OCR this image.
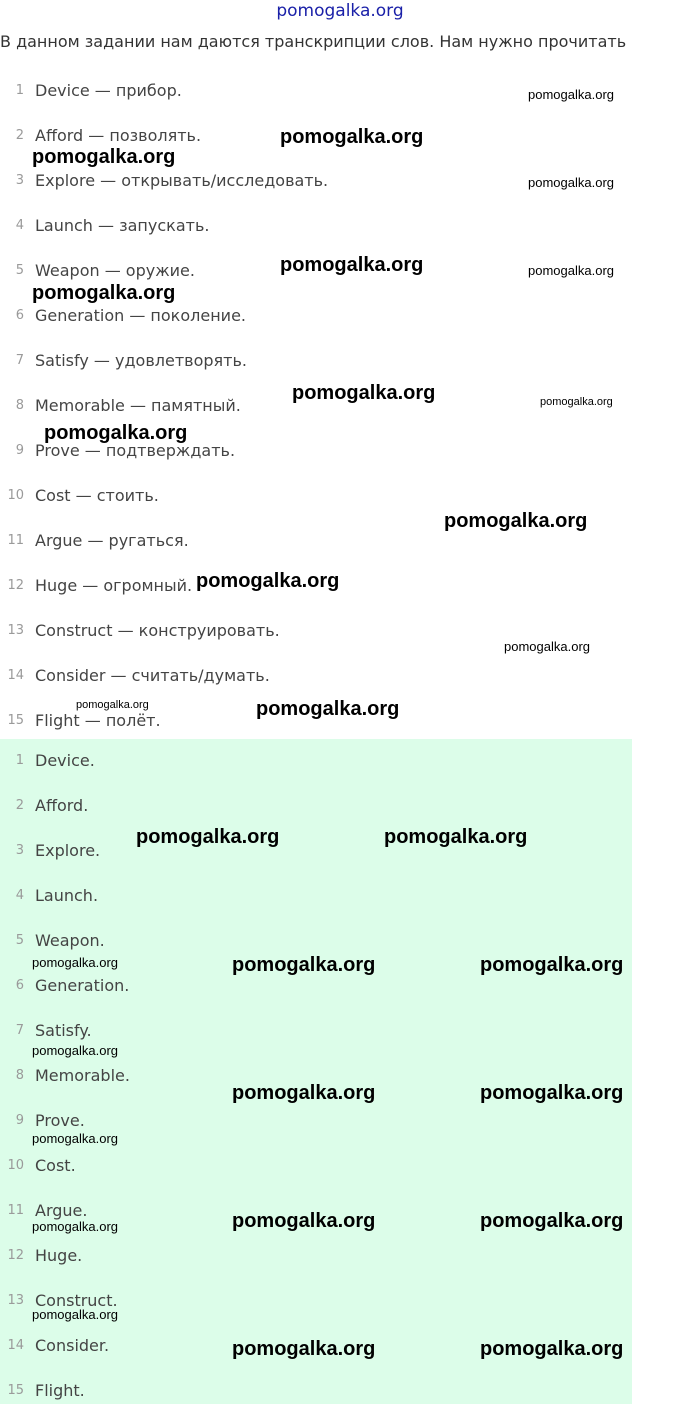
pomogalka.org
В данном задании нам даются транскрипции слов. Нам нужно прочитать
1 Device — прибор.
2 Afford — позволять.
3 Explore — открывать/исследовать.
4 Launch — запускать.
5 Weapon — оружие.
6 Generation — поколение.
7 Satisfy — удовлетворять.
8 Memorable — памятный.
9 Prove — подтверждать.
10 Cost — стоить.
11 Argue — ругаться.
12 Huge — огромный.
13 Construct — конструировать.
14 Consider — считать/думать.
15 Flight — полёт.
1 Device.
2 Afford.
3 Explore.
4 Launch.
5 Weapon.
6 Generation.
7 Satisfy.
8 Memorable.
9 Prove.
10 Cost.
11 Argue.
12 Huge.
13 Construct.
14 Consider.
15 Flight.
pomogalka.org
pomogalka.org
pomogalka.org
pomogalka.org
pomogalka.org	pomogalka.org
pomogalka.org
pomogalka.org	pomogalka.org
pomogalka.org
pomogalka.org
pomogalka.org
pomogalka.org
pomogalka.org	pomogalka.org
pomogalka.org	pomogalka.org
pomogalka.org	pomogalka.org	pomogalka.org
pomogalka.org
pomogalka.org	pomogalka.org
pomogalka.org
pomogalka.org	pomogalka.org
pomogalka.org
pomogalka.org
pomogalka.org	pomogalka.org
